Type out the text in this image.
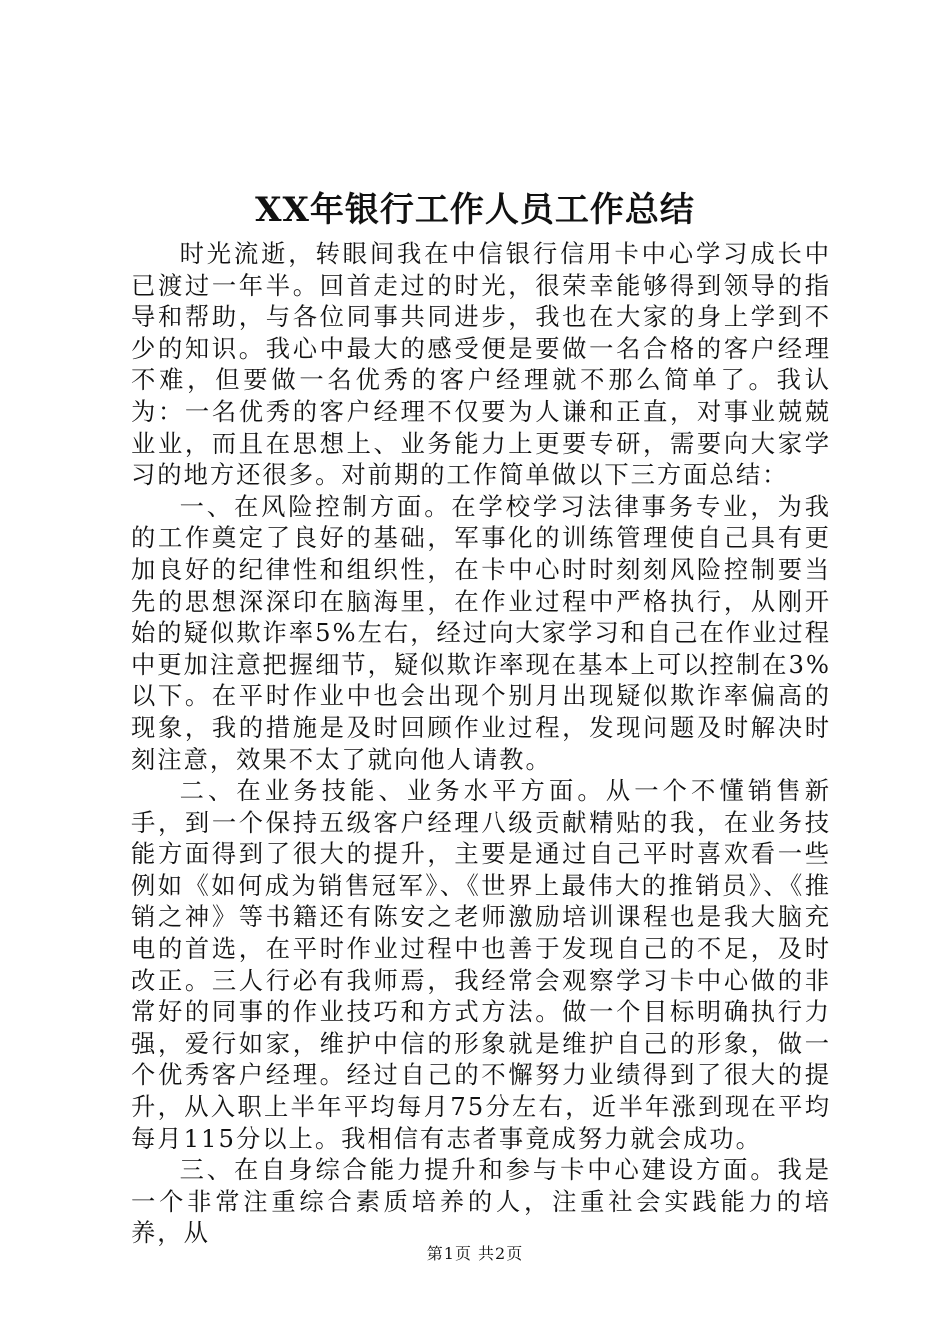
XX年银行工作人员工作总结

时光流逝，转眼间我在中信银行信用卡中心学习成长中已渡过一年半。回首走过的时光，很荣幸能够得到领导的指导和帮助，与各位同事共同进步，我也在大家的身上学到不少的知识。我心中最大的感受便是要做一名合格的客户经理不难，但要做一名优秀的客户经理就不那么简单了。我认为：一名优秀的客户经理不仅要为人谦和正直，对事业兢兢业业，而且在思想上、业务能力上更要专研，需要向大家学习的地方还很多。对前期的工作简单做以下三方面总结：

一、在风险控制方面。在学校学习法律事务专业，为我的工作奠定了良好的基础，军事化的训练管理使自己具有更加良好的纪律性和组织性，在卡中心时时刻刻风险控制要当先的思想深深印在脑海里，在作业过程中严格执行，从刚开始的疑似欺诈率5%左右，经过向大家学习和自己在作业过程中更加注意把握细节，疑似欺诈率现在基本上可以控制在3%以下。在平时作业中也会出现个别月出现疑似欺诈率偏高的现象，我的措施是及时回顾作业过程，发现问题及时解决时刻注意，效果不太了就向他人请教。

二、在业务技能、业务水平方面。从一个不懂销售新手，到一个保持五级客户经理八级贡献精贴的我，在业务技能方面得到了很大的提升，主要是通过自己平时喜欢看一些例如《如何成为销售冠军》、《世界上最伟大的推销员》、《推销之神》等书籍还有陈安之老师激励培训课程也是我大脑充电的首选，在平时作业过程中也善于发现自己的不足，及时改正。三人行必有我师焉，我经常会观察学习卡中心做的非常好的同事的作业技巧和方式方法。做一个目标明确执行力强，爱行如家，维护中信的形象就是维护自己的形象，做一个优秀客户经理。经过自己的不懈努力业绩得到了很大的提升，从入职上半年平均每月75分左右，近半年涨到现在平均每月115分以上。我相信有志者事竟成努力就会成功。

三、在自身综合能力提升和参与卡中心建设方面。我是一个非常注重综合素质培养的人，注重社会实践能力的培养，从

第1页 共2页
